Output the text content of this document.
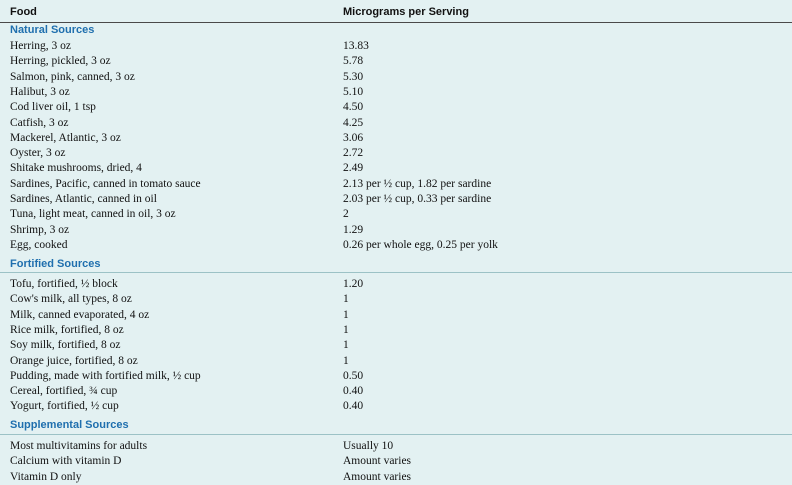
Food	Micrograms per Serving
Natural Sources
Herring, 3 oz	13.83
Herring, pickled, 3 oz	5.78
Salmon, pink, canned, 3 oz	5.30
Halibut, 3 oz	5.10
Cod liver oil, 1 tsp	4.50
Catfish, 3 oz	4.25
Mackerel, Atlantic, 3 oz	3.06
Oyster, 3 oz	2.72
Shitake mushrooms, dried, 4	2.49
Sardines, Pacific, canned in tomato sauce	2.13 per ½ cup, 1.82 per sardine
Sardines, Atlantic, canned in oil	2.03 per ½ cup, 0.33 per sardine
Tuna, light meat, canned in oil, 3 oz	2
Shrimp, 3 oz	1.29
Egg, cooked	0.26 per whole egg, 0.25 per yolk
Fortified Sources
Tofu, fortified, ½ block	1.20
Cow's milk, all types, 8 oz	1
Milk, canned evaporated, 4 oz	1
Rice milk, fortified, 8 oz	1
Soy milk, fortified, 8 oz	1
Orange juice, fortified, 8 oz	1
Pudding, made with fortified milk, ½ cup	0.50
Cereal, fortified, ¾ cup	0.40
Yogurt, fortified, ½ cup	0.40
Supplemental Sources
Most multivitamins for adults	Usually 10
Calcium with vitamin D	Amount varies
Vitamin D only	Amount varies
